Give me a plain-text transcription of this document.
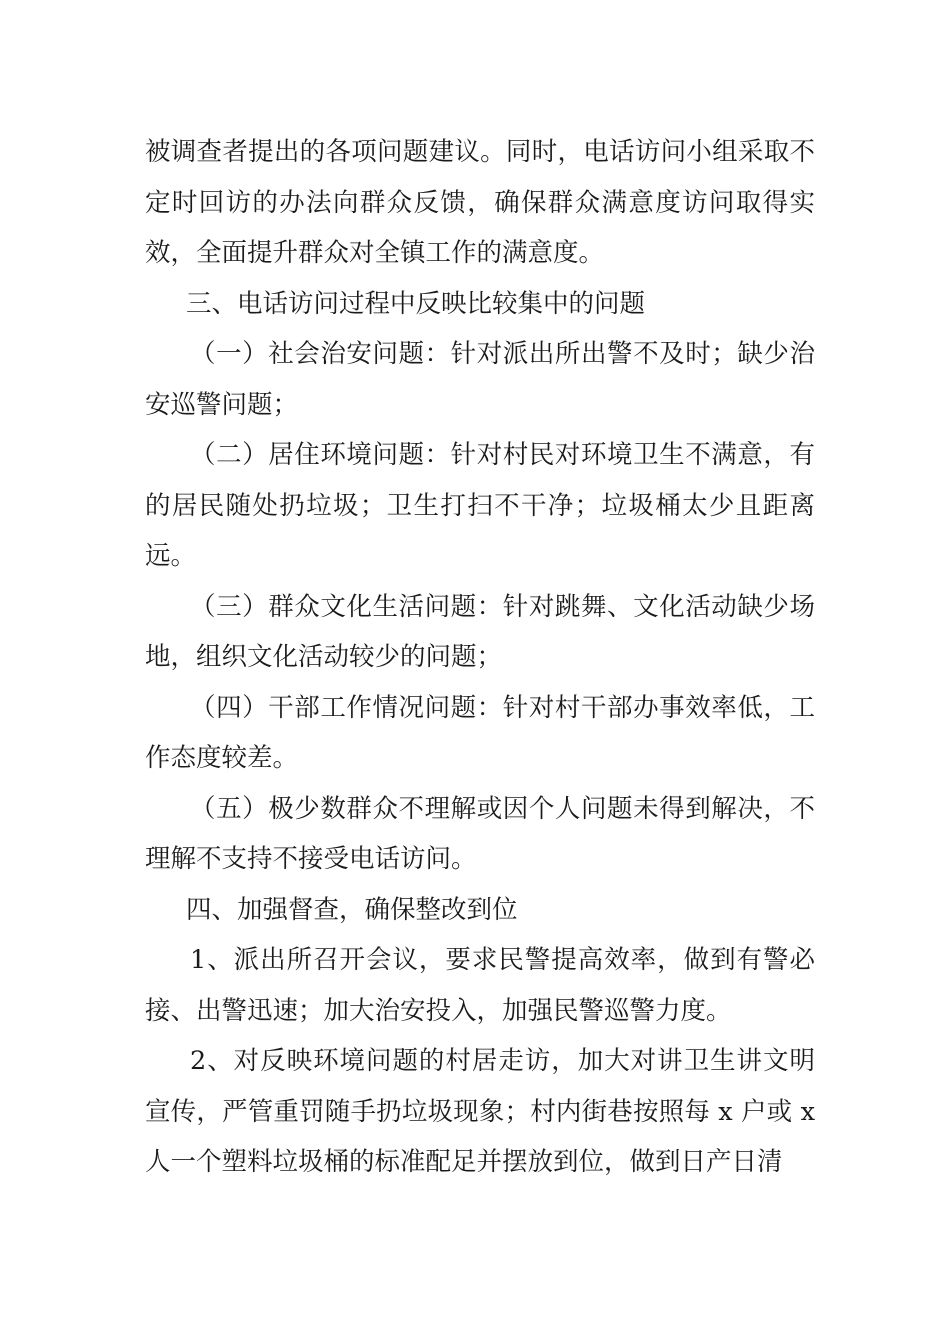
被调查者提出的各项问题建议。同时，电话访问小组采取不定时回访的办法向群众反馈，确保群众满意度访问取得实效，全面提升群众对全镇工作的满意度。

三、电话访问过程中反映比较集中的问题

（一）社会治安问题：针对派出所出警不及时；缺少治安巡警问题；

（二）居住环境问题：针对村民对环境卫生不满意，有的居民随处扔垃圾；卫生打扫不干净；垃圾桶太少且距离远。

（三）群众文化生活问题：针对跳舞、文化活动缺少场地，组织文化活动较少的问题；

（四）干部工作情况问题：针对村干部办事效率低，工作态度较差。

（五）极少数群众不理解或因个人问题未得到解决，不理解不支持不接受电话访问。

四、加强督查，确保整改到位

1、派出所召开会议，要求民警提高效率，做到有警必接、出警迅速；加大治安投入，加强民警巡警力度。

2、对反映环境问题的村居走访，加大对讲卫生讲文明宣传，严管重罚随手扔垃圾现象；村内街巷按照每 x 户或 x 人一个塑料垃圾桶的标准配足并摆放到位，做到日产日清
